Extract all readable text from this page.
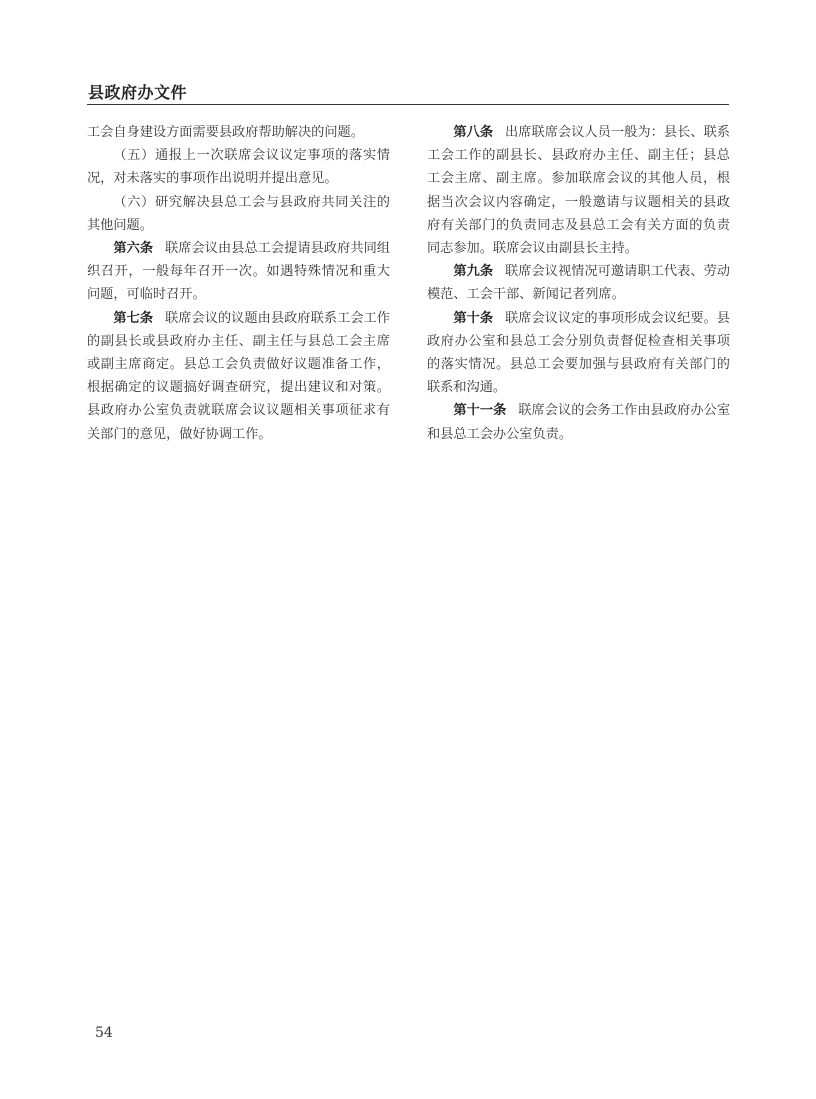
县政府办文件

工会自身建设方面需要县政府帮助解决的问题。

（五）通报上一次联席会议议定事项的落实情况，对未落实的事项作出说明并提出意见。

（六）研究解决县总工会与县政府共同关注的其他问题。

第六条 联席会议由县总工会提请县政府共同组织召开，一般每年召开一次。如遇特殊情况和重大问题，可临时召开。

第七条 联席会议的议题由县政府联系工会工作的副县长或县政府办主任、副主任与县总工会主席或副主席商定。县总工会负责做好议题准备工作，根据确定的议题搞好调查研究，提出建议和对策。县政府办公室负责就联席会议议题相关事项征求有关部门的意见，做好协调工作。

第八条 出席联席会议人员一般为：县长、联系工会工作的副县长、县政府办主任、副主任；县总工会主席、副主席。参加联席会议的其他人员，根据当次会议内容确定，一般邀请与议题相关的县政府有关部门的负责同志及县总工会有关方面的负责同志参加。联席会议由副县长主持。

第九条 联席会议视情况可邀请职工代表、劳动模范、工会干部、新闻记者列席。

第十条 联席会议议定的事项形成会议纪要。县政府办公室和县总工会分别负责督促检查相关事项的落实情况。县总工会要加强与县政府有关部门的联系和沟通。

第十一条 联席会议的会务工作由县政府办公室和县总工会办公室负责。

54
